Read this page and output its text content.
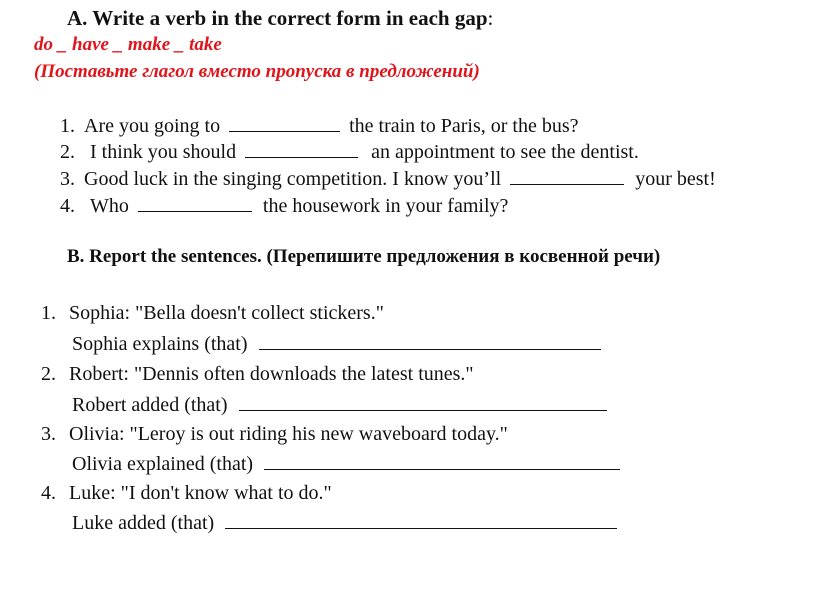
A. Write a verb in the correct form in each gap:
do _ have _ make _ take
(Поставьте глагол вместо пропуска в предложений)
1. Are you going to	the train to Paris, or the bus?
2. I think you should	an appointment to see the dentist.
3. Good luck in the singing competition. I know you’ll	your best!
4. Who	the housework in your family?
B. Report the sentences. (Перепишите предложения в косвенной речи)
1. Sophia: "Bella doesn't collect stickers."
Sophia explains (that)
2. Robert: "Dennis often downloads the latest tunes."
Robert added (that)
3. Olivia: "Leroy is out riding his new waveboard today."
Olivia explained (that)
4. Luke: "I don't know what to do."
Luke added (that)
